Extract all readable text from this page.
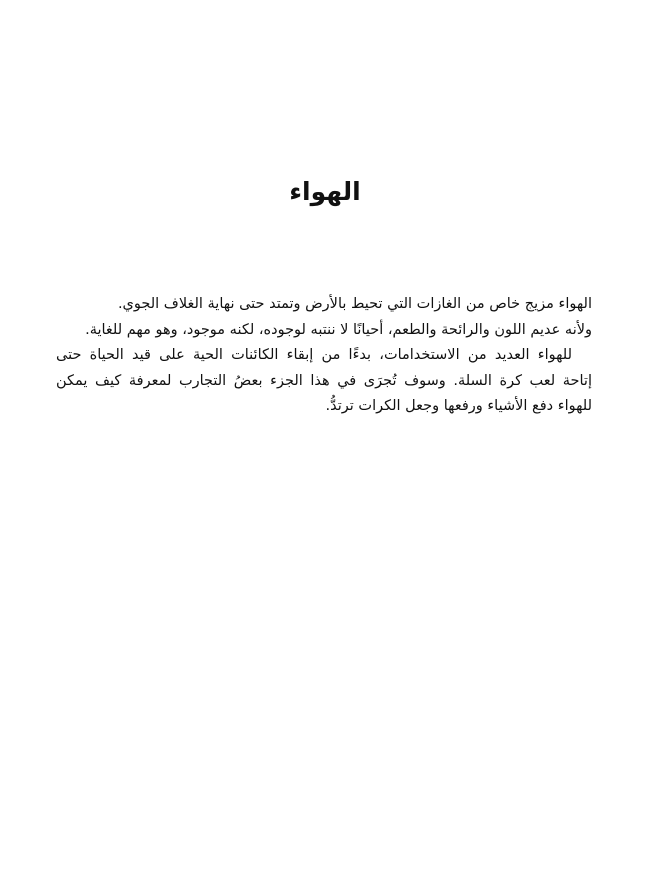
الهواء
الهواء مزيج خاص من الغازات التي تحيط بالأرض وتمتد حتى نهاية الغلاف الجوي.
ولأنه عديم اللون والرائحة والطعم، أحيانًا لا ننتبه لوجوده، لكنه موجود، وهو مهم للغاية.
للهواء العديد من الاستخدامات، بدءًا من إبقاء الكائنات الحية على قيد الحياة حتى
إتاحة لعب كرة السلة. وسوف تُجرَى في هذا الجزء بعضُ التجارب لمعرفة كيف يمكن
للهواء دفع الأشياء ورفعها وجعل الكرات ترتدُّ.
